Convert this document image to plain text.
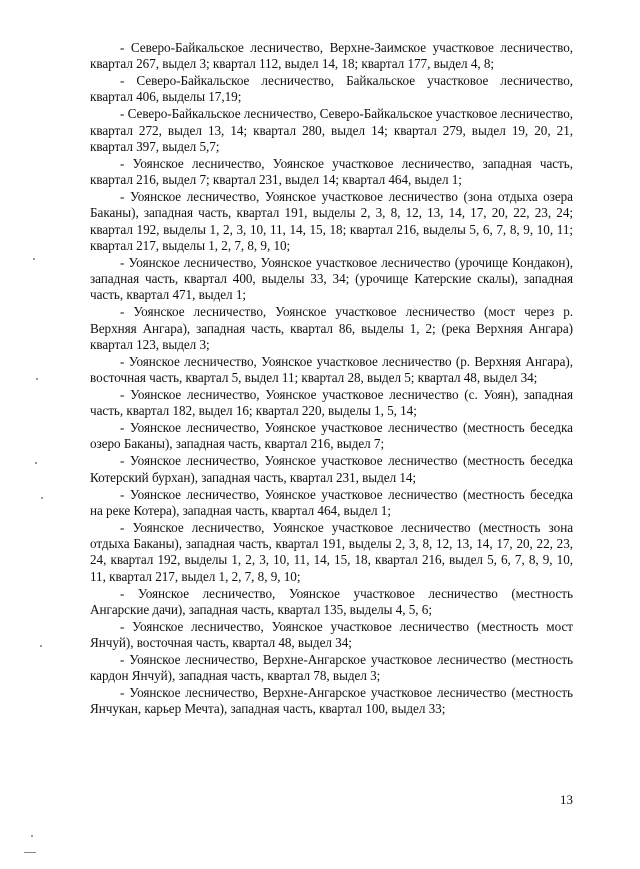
- Северо-Байкальское лесничество, Верхне-Заимское участковое лесничество, квартал 267, выдел 3; квартал 112, выдел 14, 18; квартал 177, выдел 4, 8;

- Северо-Байкальское лесничество, Байкальское участковое лесничество, квартал 406, выделы 17,19;

- Северо-Байкальское лесничество, Северо-Байкальское участковое лесничество, квартал 272, выдел 13, 14; квартал 280, выдел 14; квартал 279, выдел 19, 20, 21, квартал 397, выдел 5,7;

- Уоянское лесничество, Уоянское участковое лесничество, западная часть, квартал 216, выдел 7; квартал 231, выдел 14; квартал 464, выдел 1;

- Уоянское лесничество, Уоянское участковое лесничество (зона отдыха озера Баканы), западная часть, квартал 191, выделы 2, 3, 8, 12, 13, 14, 17, 20, 22, 23, 24; квартал 192, выделы 1, 2, 3, 10, 11, 14, 15, 18; квартал 216, выделы 5, 6, 7, 8, 9, 10, 11; квартал 217, выделы 1, 2, 7, 8, 9, 10;

- Уоянское лесничество, Уоянское участковое лесничество (урочище Кондакон), западная часть, квартал 400, выделы 33, 34; (урочище Катерские скалы), западная часть, квартал 471, выдел 1;

- Уоянское лесничество, Уоянское участковое лесничество (мост через р. Верхняя Ангара), западная часть, квартал 86, выделы 1, 2; (река Верхняя Ангара) квартал 123, выдел 3;

- Уоянское лесничество, Уоянское участковое лесничество (р. Верхняя Ангара), восточная часть, квартал 5, выдел 11; квартал 28, выдел 5; квартал 48, выдел 34;

- Уоянское лесничество, Уоянское участковое лесничество (с. Уоян), западная часть, квартал 182, выдел 16; квартал 220, выделы 1, 5, 14;

- Уоянское лесничество, Уоянское участковое лесничество (местность беседка озеро Баканы), западная часть, квартал 216, выдел 7;

- Уоянское лесничество, Уоянское участковое лесничество (местность беседка Котерский бурхан), западная часть, квартал 231, выдел 14;

- Уоянское лесничество, Уоянское участковое лесничество (местность беседка на реке Котера), западная часть, квартал 464, выдел 1;

- Уоянское лесничество, Уоянское участковое лесничество (местность зона отдыха Баканы), западная часть, квартал 191, выделы 2, 3, 8, 12, 13, 14, 17, 20, 22, 23, 24, квартал 192, выделы 1, 2, 3, 10, 11, 14, 15, 18, квартал 216, выдел 5, 6, 7, 8, 9, 10, 11, квартал 217, выдел 1, 2, 7, 8, 9, 10;

- Уоянское лесничество, Уоянское участковое лесничество (местность Ангарские дачи), западная часть, квартал 135, выделы 4, 5, 6;

- Уоянское лесничество, Уоянское участковое лесничество (местность мост Янчуй), восточная часть, квартал 48, выдел 34;

- Уоянское лесничество, Верхне-Ангарское участковое лесничество (местность кардон Янчуй), западная часть, квартал 78, выдел 3;

- Уоянское лесничество, Верхне-Ангарское участковое лесничество (местность Янчукан, карьер Мечта), западная часть, квартал 100, выдел 33;

13
